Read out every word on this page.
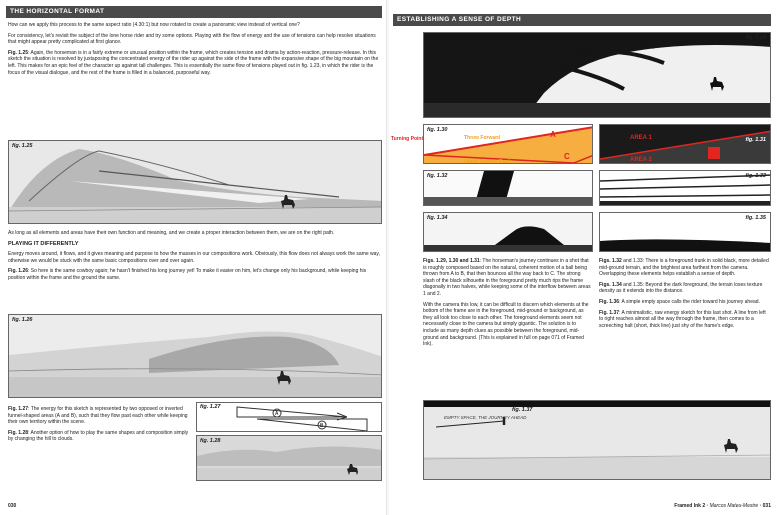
THE HORIZONTAL FORMAT

How can we apply this process to the same aspect ratio (4.30:1) but now rotated to create a panoramic view instead of vertical one?

For consistency, let's revisit the subject of the lone horse rider and try some options. Playing with the flow of energy and the use of tensions can help resolve situations that might appear pretty complicated at first glance.

Fig. 1.25: Again, the horseman is in a fairly extreme or unusual position within the frame, which creates tension and drama by action-reaction, pressure-release. In this sketch the situation is resolved by juxtaposing the concentrated energy of the rider up against the side of the frame with the expansive shape of the big mountain on the left. This makes for an epic feel of the character up against tall challenges. This is essentially the same flow of tensions played out in fig. 1.23, in which the rider is the focus of the visual dialogue, and the rest of the frame is filled in a balanced, purposeful way.

fig. 1.25

As long as all elements and areas have their own function and meaning, and we create a proper interaction between them, we are on the right path.

PLAYING IT DIFFERENTLY

Energy moves around, it flows, and it gives meaning and purpose to how the masses in our compositions work. Obviously, this flow does not always work the same way, otherwise we would be stuck with the same basic compositions over and over again.

Fig. 1.26: So here is the same cowboy again; he hasn't finished his long journey yet! To make it easier on him, let's change only his background, while keeping his position within the frame and the ground the same.

fig. 1.26

Fig. 1.27: The energy for this sketch is represented by two opposed or inverted funnel-shaped areas (A and B), such that they flow past each other while keeping their own territory within the scene.

Fig. 1.28: Another option of how to play the same shapes and composition simply by changing the hill to clouds.

A
B
fig. 1.27
fig. 1.28
030
ESTABLISHING A SENSE OF DEPTH
fig. 1.29
A
C
Throw Forward
Quick Bounce Back
fig. 1.30
Turning Point	AREA 1
AREA 2
fig. 1.31
fig. 1.32	fig. 1.33
fig. 1.34	fig. 1.35

Figs. 1.29, 1.30 and 1.31: The horseman's journey continues in a shot that is roughly composed based on the natural, coherent motion of a ball being thrown from A to B, that then bounces all the way back to C. The strong slash of the black silhouette in the foreground pretty much rips the frame diagonally in two halves, while keeping some of the interflow between areas 1 and 2.

With the camera this low, it can be difficult to discern which elements at the bottom of the frame are in the foreground, mid-ground or background, as they all look too close to each other. The foreground elements seem not necessarily close to the camera but simply gigantic. The solution is to include as many depth clues as possible between the foreground, mid-ground and background. (This is explained in full on page 071 of Framed Ink).

Figs. 1.32 and 1.33: There is a foreground trunk in solid black, more detailed mid-ground terrain, and the brightest area farthest from the camera. Overlapping these elements helps establish a sense of depth.

Figs. 1.34 and 1.35: Beyond the dark foreground, the terrain loses texture density as it extends into the distance.

Fig. 1.36: A simple empty space calls the rider toward his journey ahead.

Fig. 1.37: A minimalistic, raw energy sketch for this last shot. A line from left to right reaches almost all the way through the frame, then comes to a screeching halt (short, thick line) just shy of the frame's edge.

EMPTY SPACE, THE JOURNEY AHEAD
fig. 1.37
Framed Ink 2 · Marcos Mateu-Mestre · 031
